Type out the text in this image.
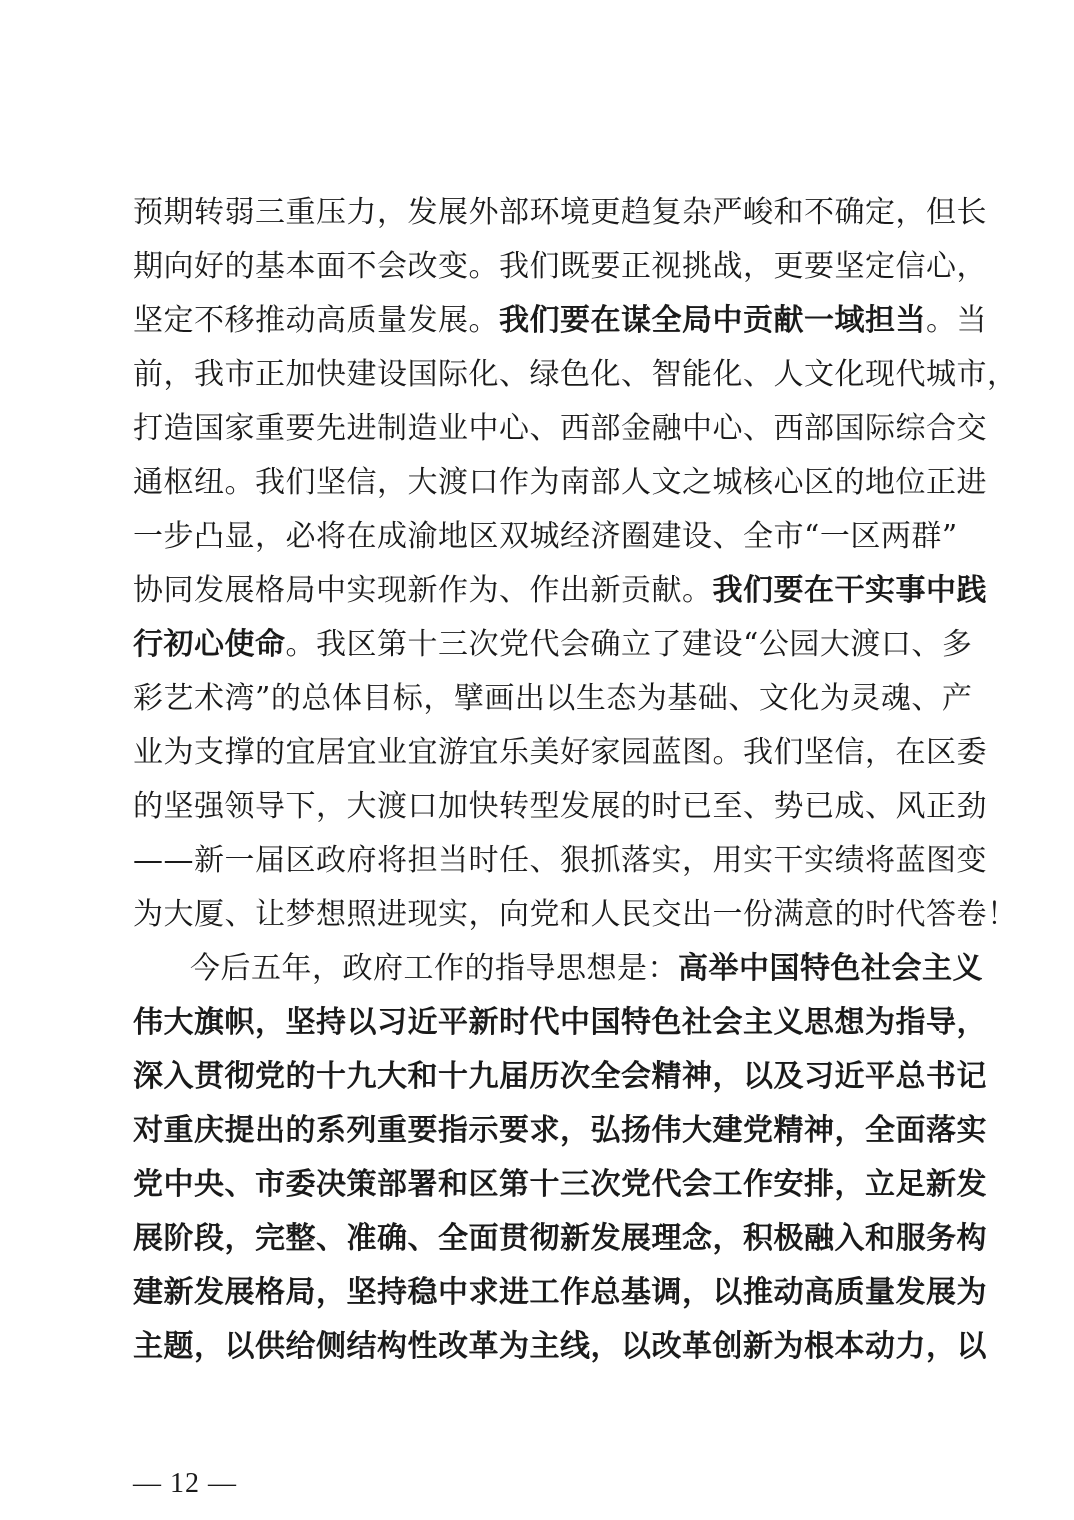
预期转弱三重压力，发展外部环境更趋复杂严峻和不确定，但长
期向好的基本面不会改变。我们既要正视挑战，更要坚定信心，
坚定不移推动高质量发展。我们要在谋全局中贡献一域担当。当
前，我市正加快建设国际化、绿色化、智能化、人文化现代城市，
打造国家重要先进制造业中心、西部金融中心、西部国际综合交
通枢纽。我们坚信，大渡口作为南部人文之城核心区的地位正进
一步凸显，必将在成渝地区双城经济圈建设、全市“一区两群”
协同发展格局中实现新作为、作出新贡献。我们要在干实事中践
行初心使命。我区第十三次党代会确立了建设“公园大渡口、多
彩艺术湾”的总体目标，擘画出以生态为基础、文化为灵魂、产
业为支撑的宜居宜业宜游宜乐美好家园蓝图。我们坚信，在区委
的坚强领导下，大渡口加快转型发展的时已至、势已成、风正劲
——新一届区政府将担当时任、狠抓落实，用实干实绩将蓝图变
为大厦、让梦想照进现实，向党和人民交出一份满意的时代答卷！
今后五年，政府工作的指导思想是：高举中国特色社会主义
伟大旗帜，坚持以习近平新时代中国特色社会主义思想为指导，
深入贯彻党的十九大和十九届历次全会精神，以及习近平总书记
对重庆提出的系列重要指示要求，弘扬伟大建党精神，全面落实
党中央、市委决策部署和区第十三次党代会工作安排，立足新发
展阶段，完整、准确、全面贯彻新发展理念，积极融入和服务构
建新发展格局，坚持稳中求进工作总基调，以推动高质量发展为
主题，以供给侧结构性改革为主线，以改革创新为根本动力，以
— 12 —
